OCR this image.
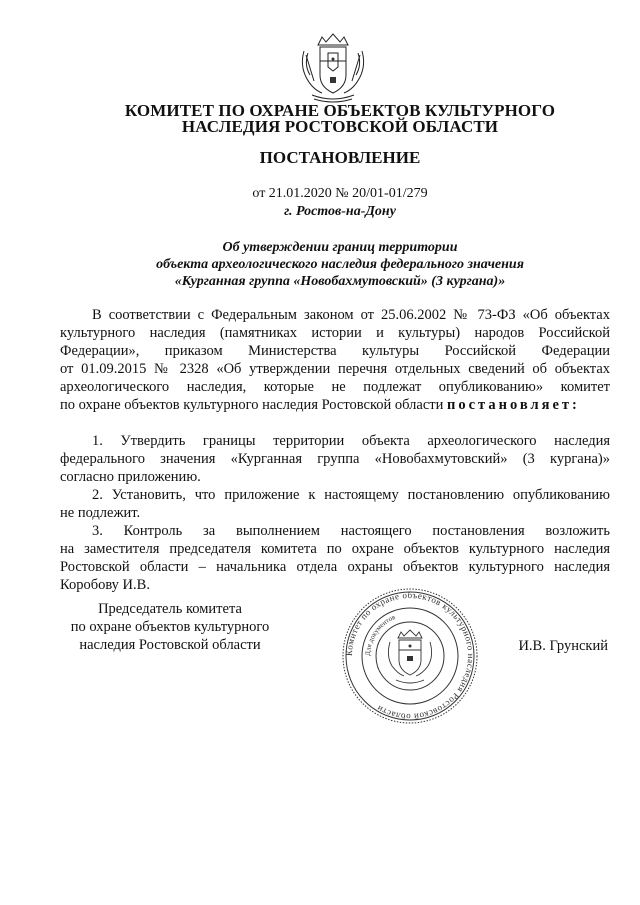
КОМИТЕТ ПО ОХРАНЕ ОБЪЕКТОВ КУЛЬТУРНОГО
НАСЛЕДИЯ РОСТОВСКОЙ ОБЛАСТИ
ПОСТАНОВЛЕНИЕ
от 21.01.2020 № 20/01-01/279
г. Ростов-на-Дону
Об утверждении границ территории
объекта археологического наследия федерального значения
«Курганная группа «Новобахмутовский» (3 кургана)»
В соответствии с Федеральным законом от 25.06.2002 № 73-ФЗ «Об объектах
культурного наследия (памятниках истории и культуры) народов Российской
Федерации», приказом Министерства культуры Российской Федерации
от 01.09.2015 № 2328 «Об утверждении перечня отдельных сведений об объектах
археологического наследия, которые не подлежат опубликованию» комитет
по охране объектов культурного наследия Ростовской области постановляет:
1. Утвердить границы территории объекта археологического наследия
федерального значения «Курганная группа «Новобахмутовский» (3 кургана)»
согласно приложению.
2. Установить, что приложение к настоящему постановлению опубликованию
не подлежит.
3. Контроль за выполнением настоящего постановления возложить
на заместителя председателя комитета по охране объектов культурного наследия
Ростовской области – начальника отдела охраны объектов культурного наследия
Коробову И.В.
Председатель комитета
по охране объектов культурного
наследия Ростовской области	Комитет по охране объектов культурного наследия Ростовской области
Для документов
И.В. Грунский
